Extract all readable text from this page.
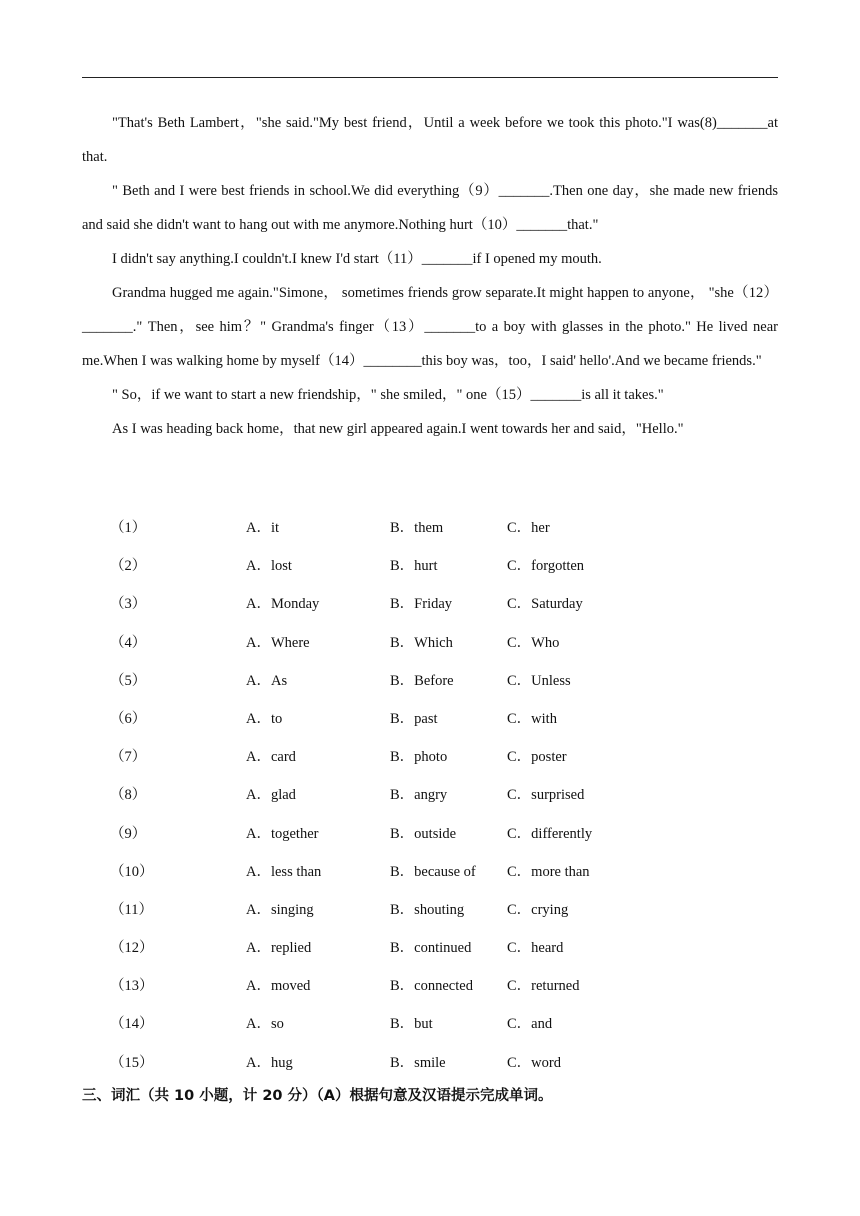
"That's Beth Lambert，"she said."My best friend，Until a week before we took this photo."I was(8)_______at that.

" Beth and I were best friends in school.We did everything（9）_______.Then one day，she made new friends and said she didn't want to hang out with me anymore.Nothing hurt（10）_______that."

I didn't say anything.I couldn't.I knew I'd start（11）_______if I opened my mouth.

Grandma hugged me again."Simone， sometimes friends grow separate.It might happen to anyone， "she（12）_______." Then，see him？" Grandma's finger（13）_______to a boy with glasses in the photo." He lived near me.When I was walking home by myself（14）________this boy was，too，I said' hello'.And we became friends."

" So，if we want to start a new friendship，" she smiled，" one（15）_______is all it takes."

As I was heading back home，that new girl appeared again.I went towards her and said，"Hello."

（1）	A．it	B．them	C．her
（2）	A．lost	B．hurt	C．forgotten
（3）	A．Monday	B．Friday	C．Saturday
（4）	A．Where	B．Which	C．Who
（5）	A．As	B．Before	C．Unless
（6）	A．to	B．past	C．with
（7）	A．card	B．photo	C．poster
（8）	A．glad	B．angry	C．surprised
（9）	A．together	B．outside	C．differently
（10）	A．less than	B．because of C．more than
（11）	A．singing	B．shouting	C．crying
（12）	A．replied	B．continued C．heard
（13）	A．moved	B．connected C．returned
（14）	A．so	B．but	C．and
（15）	A．hug	B．smile	C．word

三、词汇（共 10 小题，计 20 分）（A）根据句意及汉语提示完成单词。
